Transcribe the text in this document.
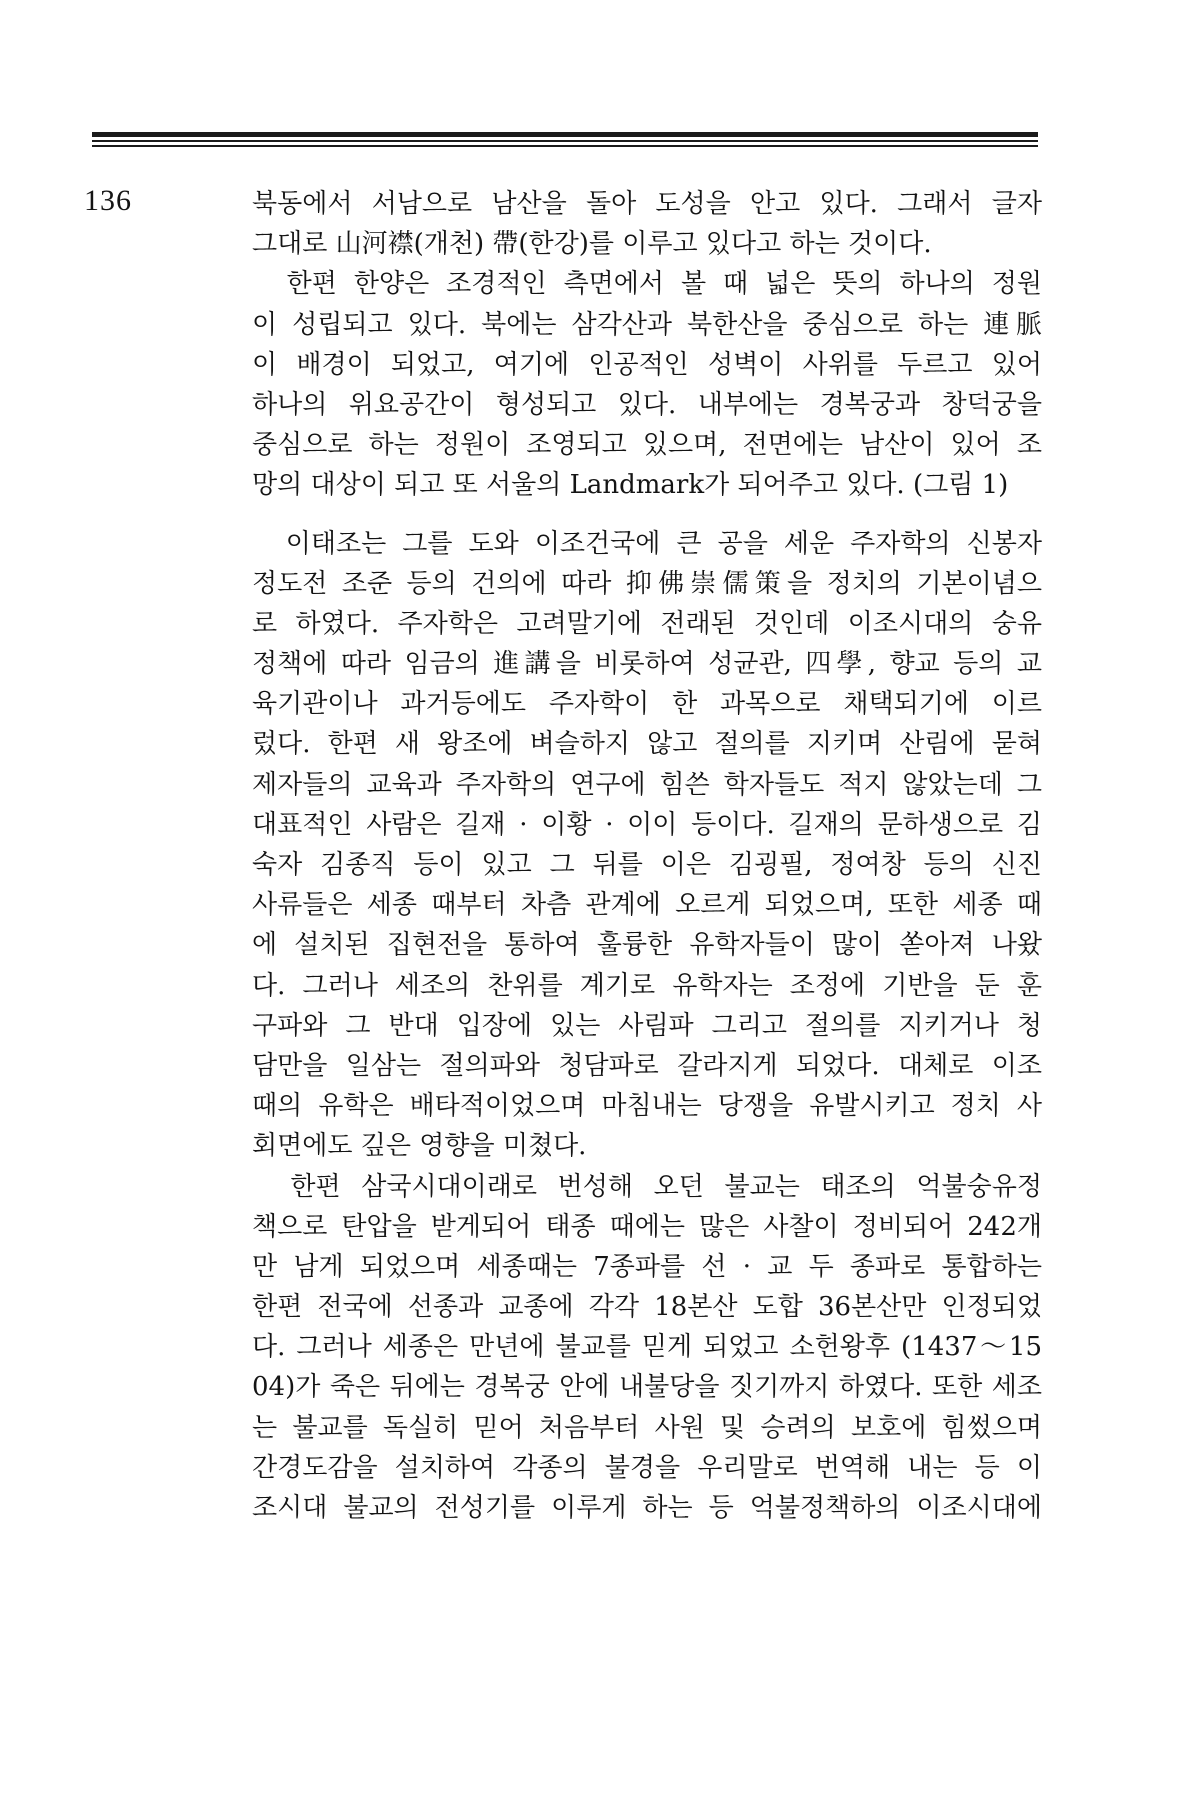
136	북동에서 서남으로 남산을 돌아 도성을 안고 있다. 그래서 글자
그대로 山河襟(개천) 帶(한강)를 이루고 있다고 하는 것이다.
　한편 한양은 조경적인 측면에서 볼 때 넓은 뜻의 하나의 정원
이 성립되고 있다. 북에는 삼각산과 북한산을 중심으로 하는 連脈
이 배경이 되었고, 여기에 인공적인 성벽이 사위를 두르고 있어
하나의 위요공간이 형성되고 있다. 내부에는 경복궁과 창덕궁을
중심으로 하는 정원이 조영되고 있으며, 전면에는 남산이 있어 조
망의 대상이 되고 또 서울의 Landmark가 되어주고 있다. (그림 1)
　이태조는 그를 도와 이조건국에 큰 공을 세운 주자학의 신봉자
정도전 조준 등의 건의에 따라 抑佛崇儒策을 정치의 기본이념으
로 하였다. 주자학은 고려말기에 전래된 것인데 이조시대의 숭유
정책에 따라 임금의 進講을 비롯하여 성균관, 四學, 향교 등의 교
육기관이나 과거등에도 주자학이 한 과목으로 채택되기에 이르
렀다. 한편 새 왕조에 벼슬하지 않고 절의를 지키며 산림에 묻혀
제자들의 교육과 주자학의 연구에 힘쓴 학자들도 적지 않았는데 그
대표적인 사람은 길재 · 이황 · 이이 등이다. 길재의 문하생으로 김
숙자 김종직 등이 있고 그 뒤를 이은 김굉필, 정여창 등의 신진
사류들은 세종 때부터 차츰 관계에 오르게 되었으며, 또한 세종 때
에 설치된 집현전을 통하여 훌륭한 유학자들이 많이 쏟아져 나왔
다. 그러나 세조의 찬위를 계기로 유학자는 조정에 기반을 둔 훈
구파와 그 반대 입장에 있는 사림파 그리고 절의를 지키거나 청
담만을 일삼는 절의파와 청담파로 갈라지게 되었다. 대체로 이조
때의 유학은 배타적이었으며 마침내는 당쟁을 유발시키고 정치 사
회면에도 깊은 영향을 미쳤다.
　한편 삼국시대이래로 번성해 오던 불교는 태조의 억불숭유정
책으로 탄압을 받게되어 태종 때에는 많은 사찰이 정비되어 242개
만 남게 되었으며 세종때는 7종파를 선 · 교 두 종파로 통합하는
한편 전국에 선종과 교종에 각각 18본산 도합 36본산만 인정되었
다. 그러나 세종은 만년에 불교를 믿게 되었고 소헌왕후 (1437～15
04)가 죽은 뒤에는 경복궁 안에 내불당을 짓기까지 하였다. 또한 세조
는 불교를 독실히 믿어 처음부터 사원 및 승려의 보호에 힘썼으며
간경도감을 설치하여 각종의 불경을 우리말로 번역해 내는 등 이
조시대 불교의 전성기를 이루게 하는 등 억불정책하의 이조시대에
